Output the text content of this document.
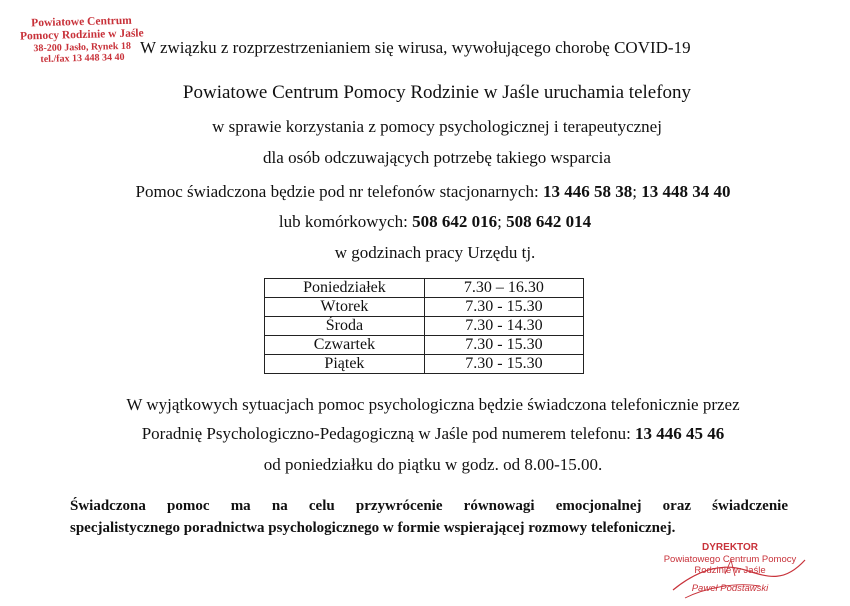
Powiatowe Centrum
Pomocy Rodzinie w Jaśle
38-200 Jasło, Rynek 18
tel./fax 13 448 34 40
W związku z rozprzestrzenianiem się wirusa, wywołującego chorobę COVID-19
Powiatowe Centrum Pomocy Rodzinie w Jaśle uruchamia telefony
w sprawie korzystania z pomocy psychologicznej i terapeutycznej
dla osób odczuwających potrzebę takiego wsparcia
Pomoc świadczona będzie pod nr telefonów stacjonarnych: 13 446 58 38; 13 448 34 40
lub komórkowych: 508 642 016; 508 642 014
w godzinach pracy Urzędu tj.
Poniedziałek	7.30 – 16.30
Wtorek	7.30 - 15.30
Środa	7.30 - 14.30
Czwartek	7.30 - 15.30
Piątek	7.30 - 15.30
W wyjątkowych sytuacjach pomoc psychologiczna będzie świadczona telefonicznie przez
Poradnię Psychologiczno-Pedagogiczną w Jaśle pod numerem telefonu: 13 446 45 46
od poniedziałku do piątku w godz. od 8.00-15.00.
Świadczona pomoc ma na celu przywrócenie równowagi emocjonalnej oraz świadczenie
specjalistycznego poradnictwa psychologicznego w formie wspierającej rozmowy telefonicznej.
DYREKTOR
Powiatowego Centrum Pomocy
Rodzinie w Jaśle
Paweł Podstawski
